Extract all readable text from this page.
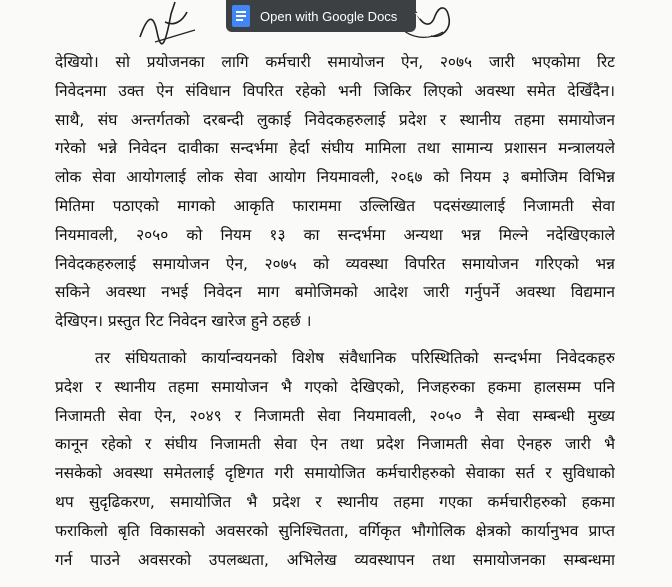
देखियो। सो प्रयोजनका लागि कर्मचारी समायोजन ऐन, २०७५ जारी भएकोमा रिट

निवेदनमा उक्त ऐन संविधान विपरित रहेको भनी जिकिर लिएको अवस्था समेत देखिँदैन।

साथै, संघ अन्तर्गतको दरबन्दी लुकाई निवेदकहरुलाई प्रदेश र स्थानीय तहमा समायोजन

गरेको भन्ने निवेदन दावीका सन्दर्भमा हेर्दा संघीय मामिला तथा सामान्य प्रशासन मन्त्रालयले

लोक सेवा आयोगलाई लोक सेवा आयोग नियमावली, २०६७ को नियम ३ बमोजिम विभिन्न

मितिमा पठाएको मागको आकृति फाराममा उल्लिखित पदसंख्यालाई निजामती सेवा

नियमावली, २०५० को नियम १३ का सन्दर्भमा अन्यथा भन्न मिल्ने नदेखिएकाले

निवेदकहरुलाई समायोजन ऐन, २०७५ को व्यवस्था विपरित समायोजन गरिएको भन्न

सकिने अवस्था नभई निवेदन माग बमोजिमको आदेश जारी गर्नुपर्ने अवस्था विद्यमान

देखिएन। प्रस्तुत रिट निवेदन खारेज हुने ठहर्छ ।

तर संघियताको कार्यान्वयनको विशेष संवैधानिक परिस्थितिको सन्दर्भमा निवेदकहरु

प्रदेश र स्थानीय तहमा समायोजन भै गएको देखिएको, निजहरुका हकमा हालसम्म पनि

निजामती सेवा ऐन, २०४९ र निजामती सेवा नियमावली, २०५० नै सेवा सम्बन्धी मुख्य

कानून रहेको र संघीय निजामती सेवा ऐन तथा प्रदेश निजामती सेवा ऐनहरु जारी भै

नसकेको अवस्था समेतलाई दृष्टिगत गरी समायोजित कर्मचारीहरुको सेवाका सर्त र सुविधाको

थप सुदृढिकरण, समायोजित भै प्रदेश र स्थानीय तहमा गएका कर्मचारीहरुको हकमा

फराकिलो बृति विकासको अवसरको सुनिश्चितता, वर्गिकृत भौगोलिक क्षेत्रको कार्यानुभव प्राप्त

गर्न पाउने अवसरको उपलब्धता, अभिलेख व्यवस्थापन तथा समायोजनका सम्बन्धमा

Open with Google Docs
